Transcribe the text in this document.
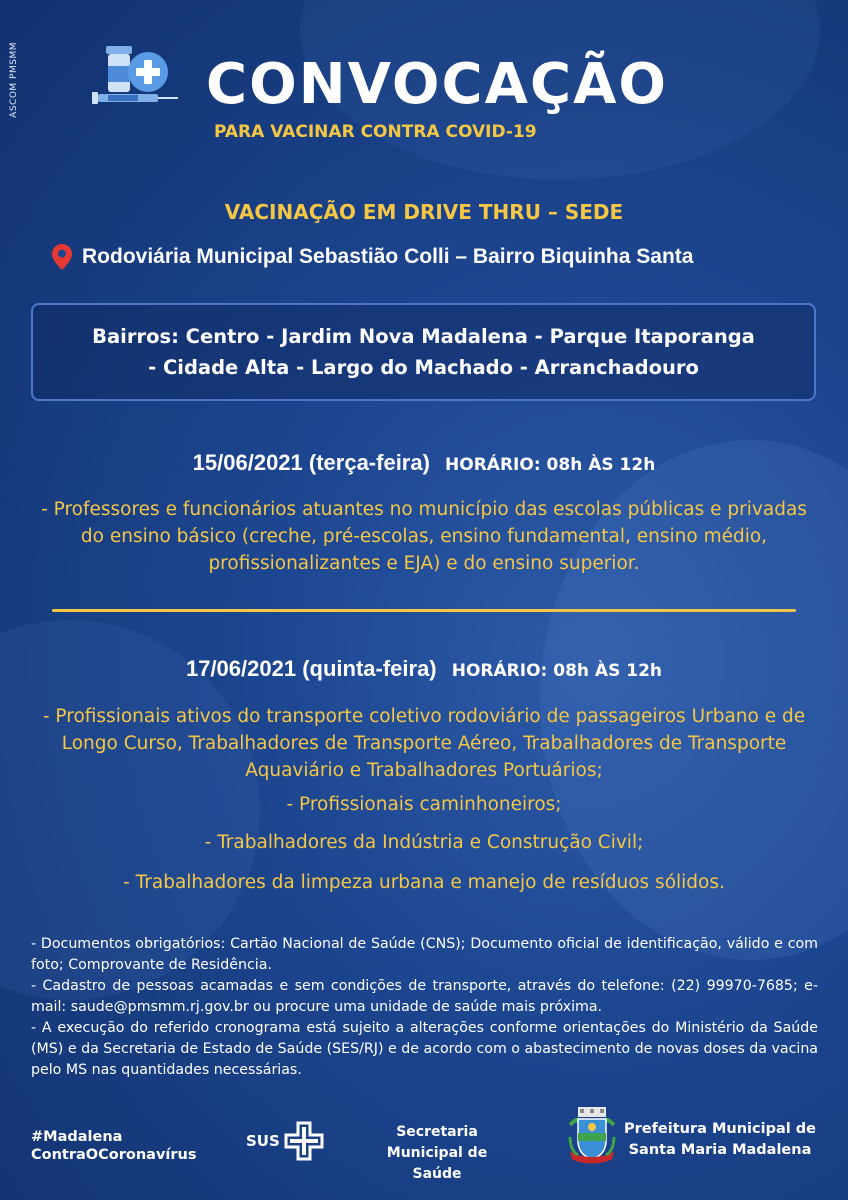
ASCOM PMSMM	CONVOCAÇÃO
PARA VACINAR CONTRA COVID-19
VACINAÇÃO EM DRIVE THRU – SEDE
Rodoviária Municipal Sebastião Colli – Bairro Biquinha Santa
Bairros: Centro - Jardim Nova Madalena - Parque Itaporanga
- Cidade Alta - Largo do Machado - Arranchadouro
15/06/2021 (terça-feira) HORÁRIO: 08h ÀS 12h
- Professores e funcionários atuantes no município das escolas públicas e privadas do ensino básico (creche, pré-escolas, ensino fundamental, ensino médio, profissionalizantes e EJA) e do ensino superior.
17/06/2021 (quinta-feira) HORÁRIO: 08h ÀS 12h
- Profissionais ativos do transporte coletivo rodoviário de passageiros Urbano e de Longo Curso, Trabalhadores de Transporte Aéreo, Trabalhadores de Transporte Aquaviário e Trabalhadores Portuários;
- Profissionais caminhoneiros;
- Trabalhadores da Indústria e Construção Civil;
- Trabalhadores da limpeza urbana e manejo de resíduos sólidos.

- Documentos obrigatórios: Cartão Nacional de Saúde (CNS); Documento oficial de identificação, válido e com foto; Comprovante de Residência.

- Cadastro de pessoas acamadas e sem condições de transporte, através do telefone: (22) 99970-7685; e-mail: saude@pmsmm.rj.gov.br ou procure uma unidade de saúde mais próxima.

- A execução do referido cronograma está sujeito a alterações conforme orientações do Ministério da Saúde (MS) e da Secretaria de Estado de Saúde (SES/RJ) e de acordo com o abastecimento de novas doses da vacina pelo MS nas quantidades necessárias.

#Madalena
ContraOCoronavírus
SUS	Secretaria
Municipal de Saúde
Prefeitura Municipal de
Santa Maria Madalena
